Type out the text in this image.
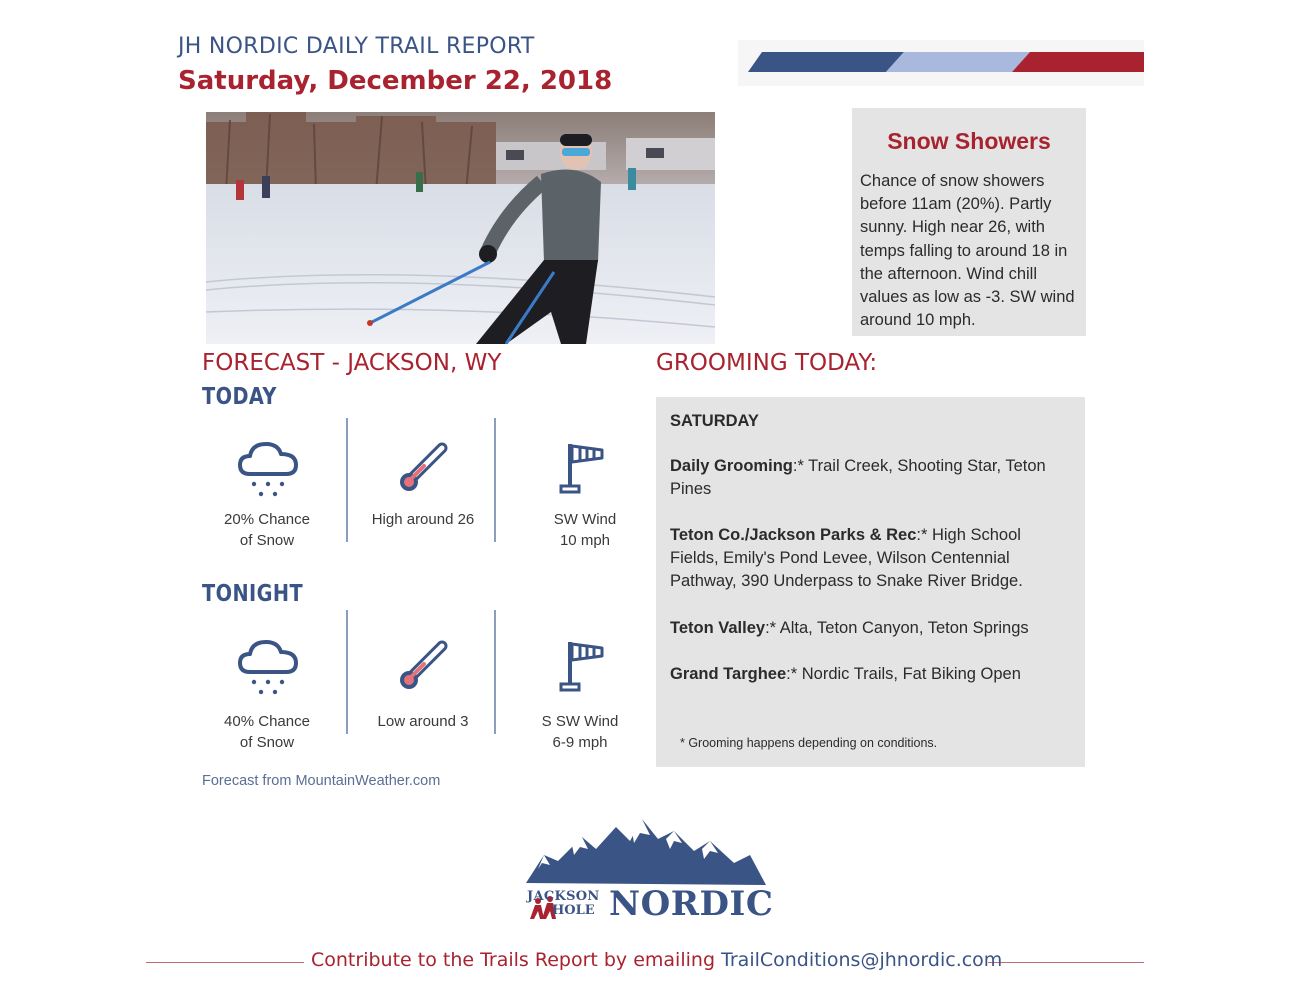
JH NORDIC DAILY TRAIL REPORT
Saturday, December 22, 2018
Snow Showers
Chance of snow showers before 11am (20%). Partly sunny. High near 26, with temps falling to around 18 in the afternoon. Wind chill values as low as -3. SW wind around 10 mph.
FORECAST - JACKSON, WY
TODAY
TONIGHT
20% Chance
of Snow
High around 26	SW Wind
10 mph
40% Chance
of Snow
Low around 3	S SW Wind
6-9 mph
Forecast from MountainWeather.com
GROOMING TODAY:
SATURDAY
Daily Grooming:* Trail Creek, Shooting Star, Teton Pines
Teton Co./Jackson Parks & Rec:* High School Fields, Emily's Pond Levee, Wilson Centennial Pathway, 390 Underpass to Snake River Bridge.
Teton Valley:* Alta, Teton Canyon, Teton Springs
Grand Targhee:* Nordic Trails, Fat Biking Open
* Grooming happens depending on conditions.
JACKSON
HOLE NORDIC
Contribute to the Trails Report by emailing TrailConditions@jhnordic.com
